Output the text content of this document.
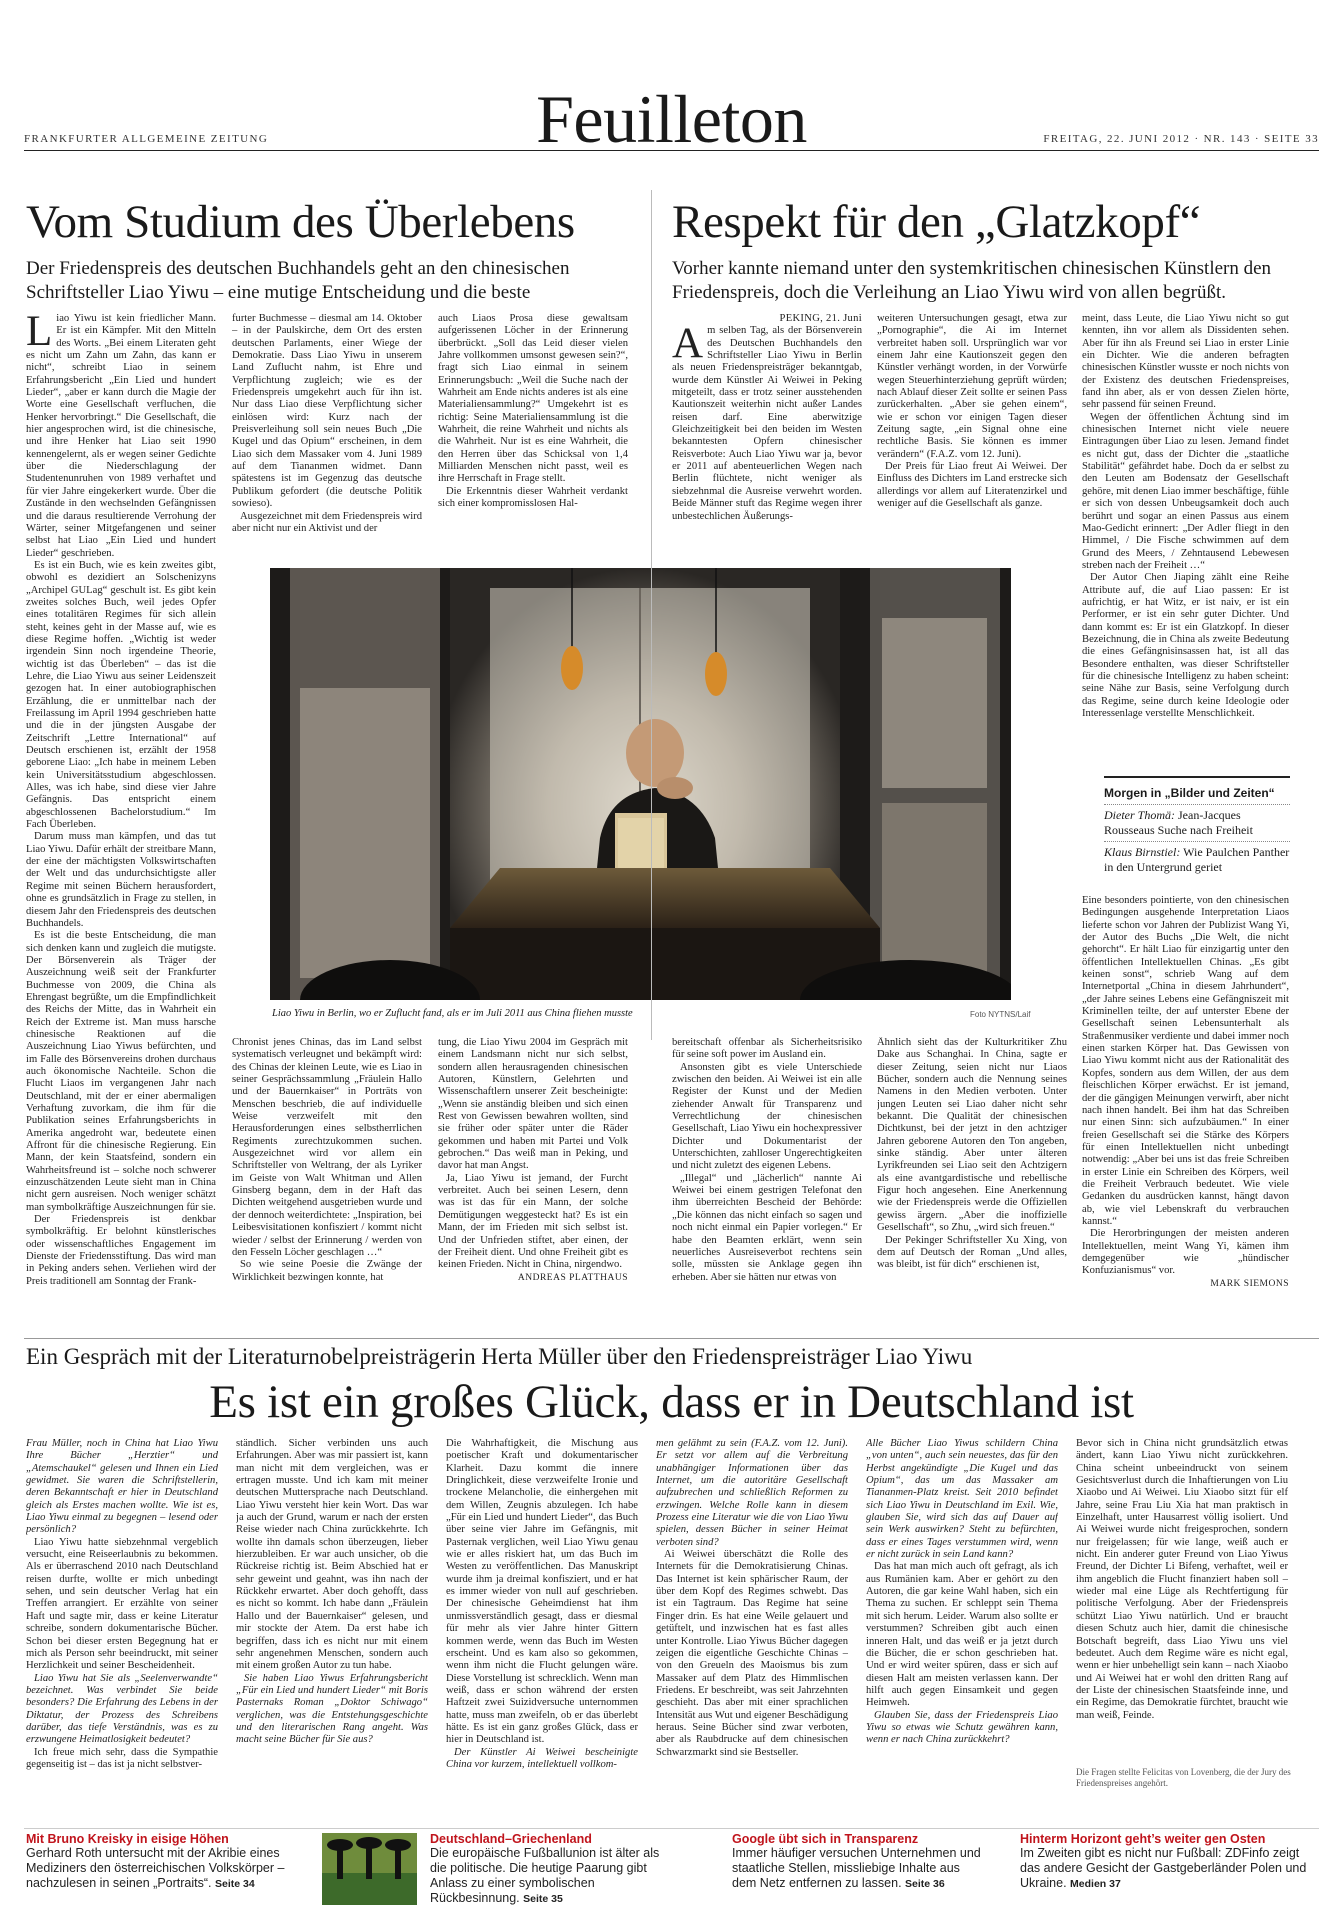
FRANKFURTER ALLGEMEINE ZEITUNG	Feuilleton	FREITAG, 22. JUNI 2012 · NR. 143 · SEITE 33
Vom Studium des Überlebens
Der Friedenspreis des deutschen Buchhandels geht an den chinesischen Schriftsteller Liao Yiwu – eine mutige Entscheidung und die beste
Respekt für den „Glatzkopf“
Vorher kannte niemand unter den systemkritischen chinesischen Künstlern den Friedenspreis, doch die Verleihung an Liao Yiwu wird von allen begrüßt.

Liao Yiwu ist kein friedlicher Mann. Er ist ein Kämpfer. Mit den Mitteln des Worts. „Bei einem Literaten geht es nicht um Zahn um Zahn, das kann er nicht“, schreibt Liao in seinem Erfahrungsbericht „Ein Lied und hundert Lieder“, „aber er kann durch die Magie der Worte eine Gesellschaft verfluchen, die Henker hervorbringt.“ Die Gesellschaft, die hier angesprochen wird, ist die chinesische, und ihre Henker hat Liao seit 1990 kennengelernt, als er wegen seiner Gedichte über die Niederschlagung der Studentenunruhen von 1989 verhaftet und für vier Jahre eingekerkert wurde. Über die Zustände in den wechselnden Gefängnissen und die daraus resultierende Verrohung der Wärter, seiner Mitgefangenen und seiner selbst hat Liao „Ein Lied und hundert Lieder“ geschrieben.

Es ist ein Buch, wie es kein zweites gibt, obwohl es dezidiert an Solschenizyns „Archipel GULag“ geschult ist. Es gibt kein zweites solches Buch, weil jedes Opfer eines totalitären Regimes für sich allein steht, keines geht in der Masse auf, wie es diese Regime hoffen. „Wichtig ist weder irgendein Sinn noch irgendeine Theorie, wichtig ist das Überleben“ – das ist die Lehre, die Liao Yiwu aus seiner Leidenszeit gezogen hat. In einer autobiographischen Erzählung, die er unmittelbar nach der Freilassung im April 1994 geschrieben hatte und die in der jüngsten Ausgabe der Zeitschrift „Lettre International“ auf Deutsch erschienen ist, erzählt der 1958 geborene Liao: „Ich habe in meinem Leben kein Universitätsstudium abgeschlossen. Alles, was ich habe, sind diese vier Jahre Gefängnis. Das entspricht einem abgeschlossenen Bachelorstudium.“ Im Fach Überleben.

Darum muss man kämpfen, und das tut Liao Yiwu. Dafür erhält der streitbare Mann, der eine der mächtigsten Volkswirtschaften der Welt und das undurchsichtigste aller Regime mit seinen Büchern herausfordert, ohne es grundsätzlich in Frage zu stellen, in diesem Jahr den Friedenspreis des deutschen Buchhandels.

Es ist die beste Entscheidung, die man sich denken kann und zugleich die mutigste. Der Börsenverein als Träger der Auszeichnung weiß seit der Frankfurter Buchmesse von 2009, die China als Ehrengast begrüßte, um die Empfindlichkeit des Reichs der Mitte, das in Wahrheit ein Reich der Extreme ist. Man muss harsche chinesische Reaktionen auf die Auszeichnung Liao Yiwus befürchten, und im Falle des Börsenvereins drohen durchaus auch ökonomische Nachteile. Schon die Flucht Liaos im vergangenen Jahr nach Deutschland, mit der er einer abermaligen Verhaftung zuvorkam, die ihm für die Publikation seines Erfahrungsberichts in Amerika angedroht war, bedeutete einen Affront für die chinesische Regierung. Ein Mann, der kein Staatsfeind, sondern ein Wahrheitsfreund ist – solche noch schwerer einzuschätzenden Leute sieht man in China nicht gern ausreisen. Noch weniger schätzt man symbolkräftige Auszeichnungen für sie.

Der Friedenspreis ist denkbar symbolkräftig. Er belohnt künstlerisches oder wissenschaftliches Engagement im Dienste der Friedensstiftung. Das wird man in Peking anders sehen. Verliehen wird der Preis traditionell am Sonntag der Frank-

furter Buchmesse – diesmal am 14. Oktober – in der Paulskirche, dem Ort des ersten deutschen Parlaments, einer Wiege der Demokratie. Dass Liao Yiwu in unserem Land Zuflucht nahm, ist Ehre und Verpflichtung zugleich; wie es der Friedenspreis umgekehrt auch für ihn ist. Nur dass Liao diese Verpflichtung sicher einlösen wird: Kurz nach der Preisverleihung soll sein neues Buch „Die Kugel und das Opium“ erscheinen, in dem Liao sich dem Massaker vom 4. Juni 1989 auf dem Tiananmen widmet. Dann spätestens ist im Gegenzug das deutsche Publikum gefordert (die deutsche Politik sowieso).

Ausgezeichnet mit dem Friedenspreis wird aber nicht nur ein Aktivist und der

auch Liaos Prosa diese gewaltsam aufgerissenen Löcher in der Erinnerung überbrückt. „Soll das Leid dieser vielen Jahre vollkommen umsonst gewesen sein?“, fragt sich Liao einmal in seinem Erinnerungsbuch: „Weil die Suche nach der Wahrheit am Ende nichts anderes ist als eine Materialiensammlung?“ Umgekehrt ist es richtig: Seine Materialiensammlung ist die Wahrheit, die reine Wahrheit und nichts als die Wahrheit. Nur ist es eine Wahrheit, die den Herren über das Schicksal von 1,4 Milliarden Menschen nicht passt, weil es ihre Herrschaft in Frage stellt.

Die Erkenntnis dieser Wahrheit verdankt sich einer kompromisslosen Hal-

PEKING, 21. Juni

Am selben Tag, als der Börsenverein des Deutschen Buchhandels den Schriftsteller Liao Yiwu in Berlin als neuen Friedenspreisträger bekanntgab, wurde dem Künstler Ai Weiwei in Peking mitgeteilt, dass er trotz seiner ausstehenden Kautionszeit weiterhin nicht außer Landes reisen darf. Eine aberwitzige Gleichzeitigkeit bei den beiden im Westen bekanntesten Opfern chinesischer Reisverbote: Auch Liao Yiwu war ja, bevor er 2011 auf abenteuerlichen Wegen nach Berlin flüchtete, nicht weniger als siebzehnmal die Ausreise verwehrt worden. Beide Männer stuft das Regime wegen ihrer unbestechlichen Äußerungs-

weiteren Untersuchungen gesagt, etwa zur „Pornographie“, die Ai im Internet verbreitet haben soll. Ursprünglich war vor einem Jahr eine Kautionszeit gegen den Künstler verhängt worden, in der Vorwürfe wegen Steuerhinterziehung geprüft würden; nach Ablauf dieser Zeit sollte er seinen Pass zurückerhalten. „Aber sie gehen einem“, wie er schon vor einigen Tagen dieser Zeitung sagte, „ein Signal ohne eine rechtliche Basis. Sie können es immer verändern“ (F.A.Z. vom 12. Juni).

Der Preis für Liao freut Ai Weiwei. Der Einfluss des Dichters im Land erstrecke sich allerdings vor allem auf Literatenzirkel und weniger auf die Gesellschaft als ganze.

meint, dass Leute, die Liao Yiwu nicht so gut kennten, ihn vor allem als Dissidenten sehen. Aber für ihn als Freund sei Liao in erster Linie ein Dichter. Wie die anderen befragten chinesischen Künstler wusste er noch nichts von der Existenz des deutschen Friedenspreises, fand ihn aber, als er von dessen Zielen hörte, sehr passend für seinen Freund.

Wegen der öffentlichen Ächtung sind im chinesischen Internet nicht viele neuere Eintragungen über Liao zu lesen. Jemand findet es nicht gut, dass der Dichter die „staatliche Stabilität“ gefährdet habe. Doch da er selbst zu den Leuten am Bodensatz der Gesellschaft gehöre, mit denen Liao immer beschäftige, fühle er sich von dessen Unbeugsamkeit doch auch berührt und sogar an einen Passus aus einem Mao-Gedicht erinnert: „Der Adler fliegt in den Himmel, / Die Fische schwimmen auf dem Grund des Meers, / Zehntausend Lebewesen streben nach der Freiheit …“

Der Autor Chen Jiaping zählt eine Reihe Attribute auf, die auf Liao passen: Er ist aufrichtig, er hat Witz, er ist naiv, er ist ein Performer, er ist ein sehr guter Dichter. Und dann kommt es: Er ist ein Glatzkopf. In dieser Bezeichnung, die in China als zweite Bedeutung die eines Gefängnisinsassen hat, ist all das Besondere enthalten, was dieser Schriftsteller für die chinesische Intelligenz zu haben scheint: seine Nähe zur Basis, seine Verfolgung durch das Regime, seine durch keine Ideologie oder Interessenlage verstellte Menschlichkeit.

Morgen in „Bilder und Zeiten“
Dieter Thomä: Jean-Jacques Rousseaus Suche nach Freiheit
Klaus Birnstiel: Wie Paulchen Panther in den Untergrund geriet
Liao Yiwu in Berlin, wo er Zuflucht fand, als er im Juli 2011 aus China fliehen musste	Foto NYTNS/Laif

Chronist jenes Chinas, das im Land selbst systematisch verleugnet und bekämpft wird: des Chinas der kleinen Leute, wie es Liao in seiner Gesprächssammlung „Fräulein Hallo und der Bauernkaiser“ in Porträts von Menschen beschrieb, die auf individuelle Weise verzweifelt mit den Herausforderungen eines selbstherrlichen Regiments zurechtzukommen suchen. Ausgezeichnet wird vor allem ein Schriftsteller von Weltrang, der als Lyriker im Geiste von Walt Whitman und Allen Ginsberg begann, dem in der Haft das Dichten weitgehend ausgetrieben wurde und der dennoch weiterdichtete: „Inspiration, bei Leibesvisitationen konfisziert / kommt nicht wieder / selbst der Erinnerung / werden von den Fesseln Löcher geschlagen …“

So wie seine Poesie die Zwänge der Wirklichkeit bezwingen konnte, hat

tung, die Liao Yiwu 2004 im Gespräch mit einem Landsmann nicht nur sich selbst, sondern allen herausragenden chinesischen Autoren, Künstlern, Gelehrten und Wissenschaftlern unserer Zeit bescheinigte: „Wenn sie anständig bleiben und sich einen Rest von Gewissen bewahren wollten, sind sie früher oder später unter die Räder gekommen und haben mit Partei und Volk gebrochen.“ Das weiß man in Peking, und davor hat man Angst.

Ja, Liao Yiwu ist jemand, der Furcht verbreitet. Auch bei seinen Lesern, denn was ist das für ein Mann, der solche Demütigungen weggesteckt hat? Es ist ein Mann, der im Frieden mit sich selbst ist. Und der Unfrieden stiftet, aber einen, der der Freiheit dient. Und ohne Freiheit gibt es keinen Frieden. Nicht in China, nirgendwo.

ANDREAS PLATTHAUS

bereitschaft offenbar als Sicherheitsrisiko für seine soft power im Ausland ein.

Ansonsten gibt es viele Unterschiede zwischen den beiden. Ai Weiwei ist ein alle Register der Kunst und der Medien ziehender Anwalt für Transparenz und Verrechtlichung der chinesischen Gesellschaft, Liao Yiwu ein hochexpressiver Dichter und Dokumentarist der Unterschichten, zahlloser Ungerechtigkeiten und nicht zuletzt des eigenen Lebens.

„Illegal“ und „lächerlich“ nannte Ai Weiwei bei einem gestrigen Telefonat den ihm überreichten Bescheid der Behörde: „Die können das nicht einfach so sagen und noch nicht einmal ein Papier vorlegen.“ Er habe den Beamten erklärt, wenn sein neuerliches Ausreiseverbot rechtens sein solle, müssten sie Anklage gegen ihn erheben. Aber sie hätten nur etwas von

Ähnlich sieht das der Kulturkritiker Zhu Dake aus Schanghai. In China, sagte er dieser Zeitung, seien nicht nur Liaos Bücher, sondern auch die Nennung seines Namens in den Medien verboten. Unter jungen Leuten sei Liao daher nicht sehr bekannt. Die Qualität der chinesischen Dichtkunst, bei der jetzt in den achtziger Jahren geborene Autoren den Ton angeben, sinke ständig. Aber unter älteren Lyrikfreunden sei Liao seit den Achtzigern als eine avantgardistische und rebellische Figur hoch angesehen. Eine Anerkennung wie der Friedenspreis werde die Offiziellen gewiss ärgern. „Aber die inoffizielle Gesellschaft“, so Zhu, „wird sich freuen.“

Der Pekinger Schriftsteller Xu Xing, von dem auf Deutsch der Roman „Und alles, was bleibt, ist für dich“ erschienen ist,

Eine besonders pointierte, von den chinesischen Bedingungen ausgehende Interpretation Liaos lieferte schon vor Jahren der Publizist Wang Yi, der Autor des Buchs „Die Welt, die nicht gehorcht“. Er hält Liao für einzigartig unter den öffentlichen Intellektuellen Chinas. „Es gibt keinen sonst“, schrieb Wang auf dem Internetportal „China in diesem Jahrhundert“, „der Jahre seines Lebens eine Gefängniszeit mit Kriminellen teilte, der auf unterster Ebene der Gesellschaft seinen Lebensunterhalt als Straßenmusiker verdiente und dabei immer noch einen starken Körper hat. Das Gewissen von Liao Yiwu kommt nicht aus der Rationalität des Kopfes, sondern aus dem Willen, der aus dem fleischlichen Körper erwächst. Er ist jemand, der die gängigen Meinungen verwirft, aber nicht nach ihnen handelt. Bei ihm hat das Schreiben nur einen Sinn: sich aufzubäumen.“ In einer freien Gesellschaft sei die Stärke des Körpers für einen Intellektuellen nicht unbedingt notwendig: „Aber bei uns ist das freie Schreiben in erster Linie ein Schreiben des Körpers, weil die Freiheit Verbrauch bedeutet. Wie viele Gedanken du ausdrücken kannst, hängt davon ab, wie viel Lebenskraft du verbrauchen kannst.“

Die Herorbringungen der meisten anderen Intellektuellen, meint Wang Yi, kämen ihm demgegenüber wie „hündischer Konfuzianismus“ vor.

MARK SIEMONS

Ein Gespräch mit der Literaturnobelpreisträgerin Herta Müller über den Friedenspreisträger Liao Yiwu
Es ist ein großes Glück, dass er in Deutschland ist

Frau Müller, noch in China hat Liao Yiwu Ihre Bücher „Herztier“ und „Atemschaukel“ gelesen und Ihnen ein Lied gewidmet. Sie waren die Schriftstellerin, deren Bekanntschaft er hier in Deutschland gleich als Erstes machen wollte. Wie ist es, Liao Yiwu einmal zu begegnen – lesend oder persönlich?

Liao Yiwu hatte siebzehnmal vergeblich versucht, eine Reiseerlaubnis zu bekommen. Als er überraschend 2010 nach Deutschland reisen durfte, wollte er mich unbedingt sehen, und sein deutscher Verlag hat ein Treffen arrangiert. Er erzählte von seiner Haft und sagte mir, dass er keine Literatur schreibe, sondern dokumentarische Bücher. Schon bei dieser ersten Begegnung hat er mich als Person sehr beeindruckt, mit seiner Herzlichkeit und seiner Bescheidenheit.

Liao Yiwu hat Sie als „Seelenverwandte“ bezeichnet. Was verbindet Sie beide besonders? Die Erfahrung des Lebens in der Diktatur, der Prozess des Schreibens darüber, das tiefe Verständnis, was es zu erzwungene Heimatlosigkeit bedeutet?

Ich freue mich sehr, dass die Sympathie gegenseitig ist – das ist ja nicht selbstver-

ständlich. Sicher verbinden uns auch Erfahrungen. Aber was mir passiert ist, kann man nicht mit dem vergleichen, was er ertragen musste. Und ich kam mit meiner deutschen Muttersprache nach Deutschland. Liao Yiwu versteht hier kein Wort. Das war ja auch der Grund, warum er nach der ersten Reise wieder nach China zurückkehrte. Ich wollte ihn damals schon überzeugen, lieber hierzubleiben. Er war auch unsicher, ob die Rückreise richtig ist. Beim Abschied hat er sehr geweint und geahnt, was ihn nach der Rückkehr erwartet. Aber doch gehofft, dass es nicht so kommt. Ich habe dann „Fräulein Hallo und der Bauernkaiser“ gelesen, und mir stockte der Atem. Da erst habe ich begriffen, dass ich es nicht nur mit einem sehr angenehmen Menschen, sondern auch mit einem großen Autor zu tun habe.

Sie haben Liao Yiwus Erfahrungsbericht „Für ein Lied und hundert Lieder“ mit Boris Pasternaks Roman „Doktor Schiwago“ verglichen, was die Entstehungsgeschichte und den literarischen Rang angeht. Was macht seine Bücher für Sie aus?

Die Wahrhaftigkeit, die Mischung aus poetischer Kraft und dokumentarischer Klarheit. Dazu kommt die innere Dringlichkeit, diese verzweifelte Ironie und trockene Melancholie, die einhergehen mit dem Willen, Zeugnis abzulegen. Ich habe „Für ein Lied und hundert Lieder“, das Buch über seine vier Jahre im Gefängnis, mit Pasternak verglichen, weil Liao Yiwu genau wie er alles riskiert hat, um das Buch im Westen zu veröffentlichen. Das Manuskript wurde ihm ja dreimal konfisziert, und er hat es immer wieder von null auf geschrieben. Der chinesische Geheimdienst hat ihm unmissverständlich gesagt, dass er diesmal für mehr als vier Jahre hinter Gittern kommen werde, wenn das Buch im Westen erscheint. Und es kam also so gekommen, wenn ihm nicht die Flucht gelungen wäre. Diese Vorstellung ist schrecklich. Wenn man weiß, dass er schon während der ersten Haftzeit zwei Suizidversuche unternommen hatte, muss man zweifeln, ob er das überlebt hätte. Es ist ein ganz großes Glück, dass er hier in Deutschland ist.

Der Künstler Ai Weiwei bescheinigte China vor kurzem, intellektuell vollkom-

men gelähmt zu sein (F.A.Z. vom 12. Juni). Er setzt vor allem auf die Verbreitung unabhängiger Informationen über das Internet, um die autoritäre Gesellschaft aufzubrechen und schließlich Reformen zu erzwingen. Welche Rolle kann in diesem Prozess eine Literatur wie die von Liao Yiwu spielen, dessen Bücher in seiner Heimat verboten sind?

Ai Weiwei überschätzt die Rolle des Internets für die Demokratisierung Chinas. Das Internet ist kein sphärischer Raum, der über dem Kopf des Regimes schwebt. Das ist ein Tagtraum. Das Regime hat seine Finger drin. Es hat eine Weile gelauert und getüftelt, und inzwischen hat es fast alles unter Kontrolle. Liao Yiwus Bücher dagegen zeigen die eigentliche Geschichte Chinas – von den Greueln des Maoismus bis zum Massaker auf dem Platz des Himmlischen Friedens. Er beschreibt, was seit Jahrzehnten geschieht. Das aber mit einer sprachlichen Intensität aus Wut und eigener Beschädigung heraus. Seine Bücher sind zwar verboten, aber als Raubdrucke auf dem chinesischen Schwarzmarkt sind sie Bestseller.

Alle Bücher Liao Yiwus schildern China „von unten“, auch sein neuestes, das für den Herbst angekündigte „Die Kugel und das Opium“, das um das Massaker am Tiananmen-Platz kreist. Seit 2010 befindet sich Liao Yiwu in Deutschland im Exil. Wie, glauben Sie, wird sich das auf Dauer auf sein Werk auswirken? Steht zu befürchten, dass er eines Tages verstummen wird, wenn er nicht zurück in sein Land kann?

Das hat man mich auch oft gefragt, als ich aus Rumänien kam. Aber er gehört zu den Autoren, die gar keine Wahl haben, sich ein Thema zu suchen. Er schleppt sein Thema mit sich herum. Leider. Warum also sollte er verstummen? Schreiben gibt auch einen inneren Halt, und das weiß er ja jetzt durch die Bücher, die er schon geschrieben hat. Und er wird weiter spüren, dass er sich auf diesen Halt am meisten verlassen kann. Der hilft auch gegen Einsamkeit und gegen Heimweh.

Glauben Sie, dass der Friedenspreis Liao Yiwu so etwas wie Schutz gewähren kann, wenn er nach China zurückkehrt?

Bevor sich in China nicht grundsätzlich etwas ändert, kann Liao Yiwu nicht zurückkehren. China scheint unbeeindruckt von seinem Gesichtsverlust durch die Inhaftierungen von Liu Xiaobo und Ai Weiwei. Liu Xiaobo sitzt für elf Jahre, seine Frau Liu Xia hat man praktisch in Einzelhaft, unter Hausarrest völlig isoliert. Und Ai Weiwei wurde nicht freigesprochen, sondern nur freigelassen; für wie lange, weiß auch er nicht. Ein anderer guter Freund von Liao Yiwus Freund, der Dichter Li Bifeng, verhaftet, weil er ihm angeblich die Flucht finanziert haben soll – wieder mal eine Lüge als Rechtfertigung für politische Verfolgung. Aber der Friedenspreis schützt Liao Yiwu natürlich. Und er braucht diesen Schutz auch hier, damit die chinesische Botschaft begreift, dass Liao Yiwu uns viel bedeutet. Auch dem Regime wäre es nicht egal, wenn er hier unbehelligt sein kann – nach Xiaobo und Ai Weiwei hat er wohl den dritten Rang auf der Liste der chinesischen Staatsfeinde inne, und ein Regime, das Demokratie fürchtet, braucht wie man weiß, Feinde.

Die Fragen stellte Felicitas von Lovenberg, die der Jury des Friedenspreises angehört.
Mit Bruno Kreisky in eisige Höhen
Gerhard Roth untersucht mit der Akribie eines Mediziners den österreichischen Volkskörper – nachzulesen in seinen „Portraits“. Seite 34
Deutschland–Griechenland
Die europäische Fußballunion ist älter als die politische. Die heutige Paarung gibt Anlass zu einer symbolischen Rückbesinnung. Seite 35
Google übt sich in Transparenz
Immer häufiger versuchen Unternehmen und staatliche Stellen, missliebige Inhalte aus dem Netz entfernen zu lassen. Seite 36
Hinterm Horizont geht’s weiter gen Osten
Im Zweiten gibt es nicht nur Fußball: ZDFinfo zeigt das andere Gesicht der Gastgeberländer Polen und Ukraine. Medien 37
